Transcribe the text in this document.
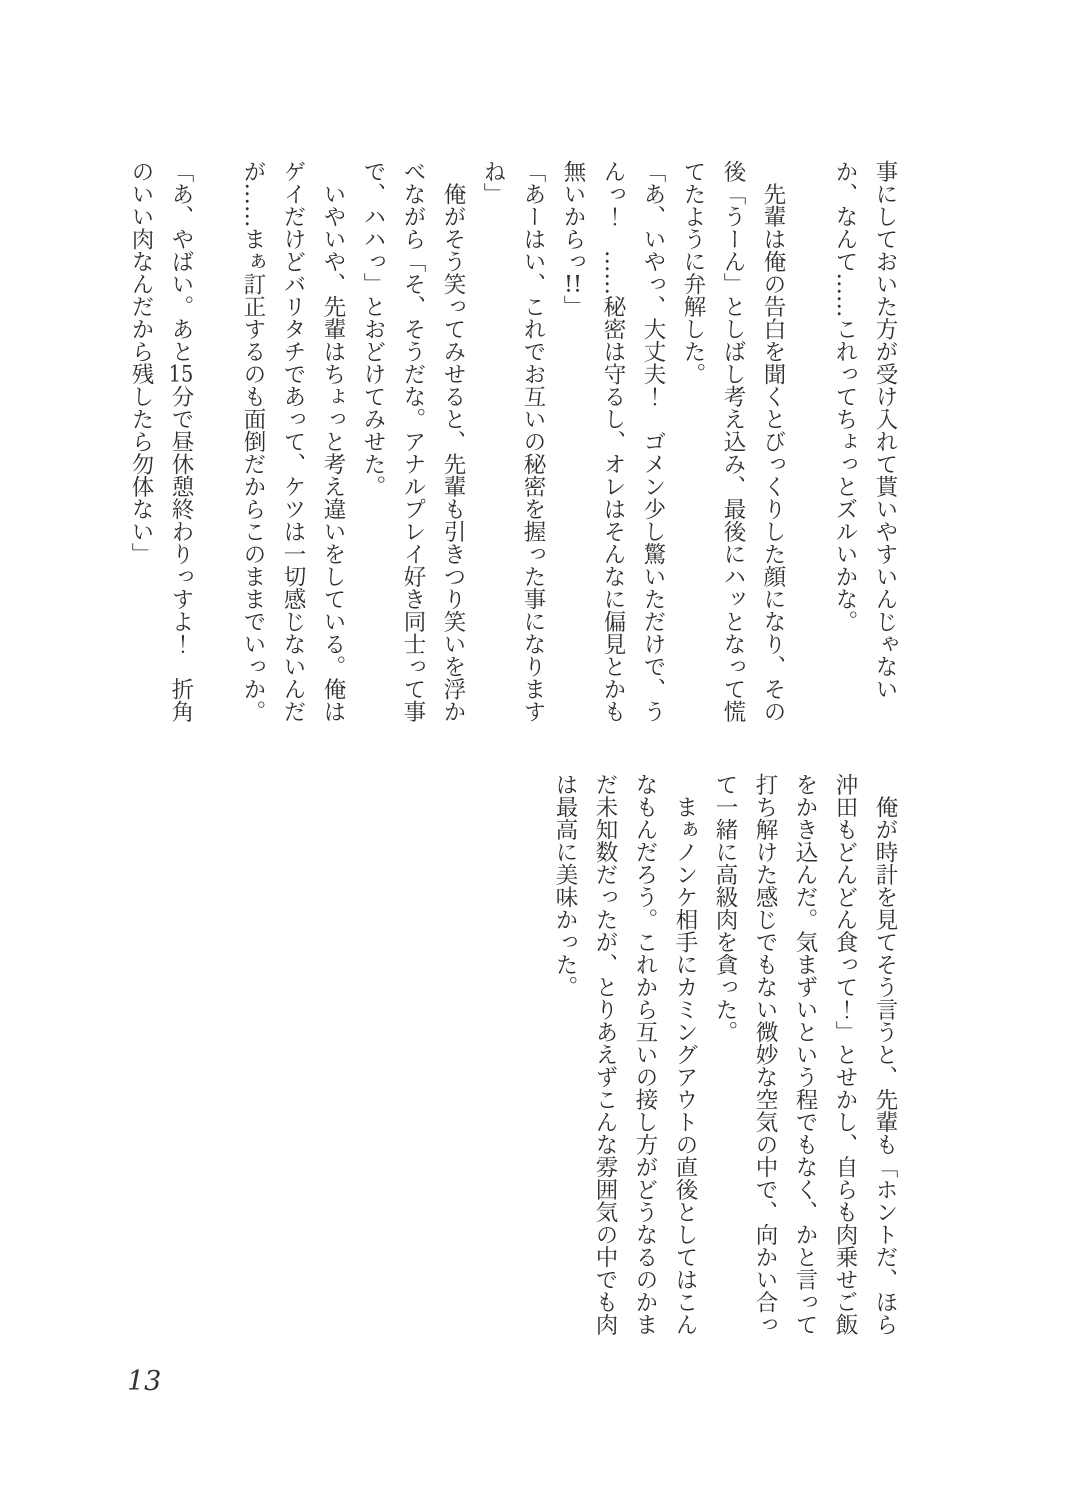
事にしておいた方が受け入れて貰いやすいんじゃない
か、なんて……これってちょっとズルいかな。
　先輩は俺の告白を聞くとびっくりした顔になり、その
後「うーん」としばし考え込み、最後にハッとなって慌
てたように弁解した。
「あ、いやっ、大丈夫！　ゴメン少し驚いただけで、う
んっ！　……秘密は守るし、オレはそんなに偏見とかも
無いからっ!!」
「あーはい、これでお互いの秘密を握った事になります
ね」
　俺がそう笑ってみせると、先輩も引きつり笑いを浮か
べながら「そ、そうだな。アナルプレイ好き同士って事
で、ハハっ」とおどけてみせた。
　いやいや、先輩はちょっと考え違いをしている。俺は
ゲイだけどバリタチであって、ケツは一切感じないんだ
が……まぁ訂正するのも面倒だからこのままでいっか。
「あ、やばい。あと15分で昼休憩終わりっすよ！　折角
のいい肉なんだから残したら勿体ない」
　俺が時計を見てそう言うと、先輩も「ホントだ、ほら
沖田もどんどん食って！」とせかし、自らも肉乗せご飯
をかき込んだ。気まずいという程でもなく、かと言って
打ち解けた感じでもない微妙な空気の中で、向かい合っ
て一緒に高級肉を貪った。
　まぁノンケ相手にカミングアウトの直後としてはこん
なもんだろう。これから互いの接し方がどうなるのかま
だ未知数だったが、とりあえずこんな雰囲気の中でも肉
は最高に美味かった。
13
